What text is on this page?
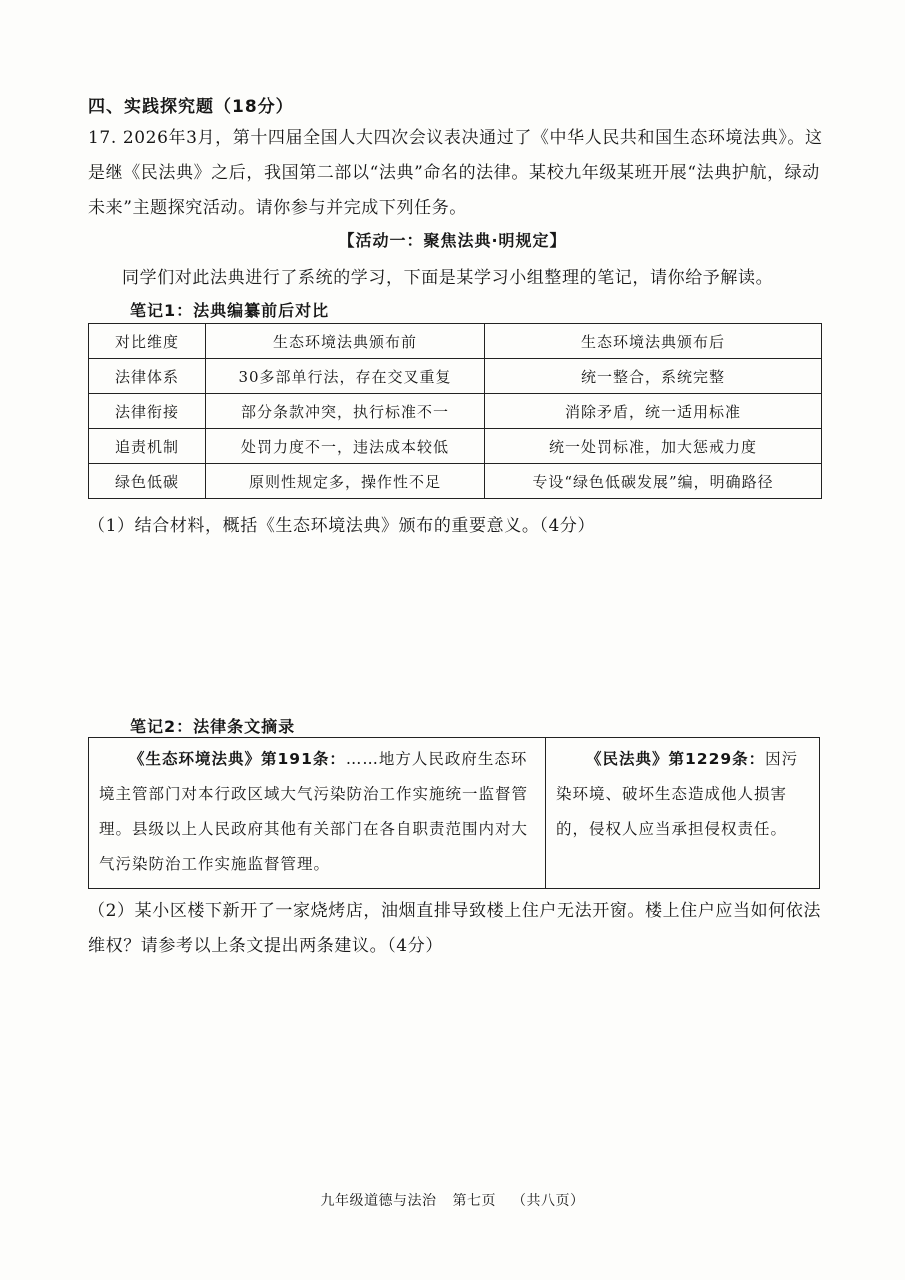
四、实践探究题（18分）

17. 2026年3月，第十四届全国人大四次会议表决通过了《中华人民共和国生态环境法典》。这是继《民法典》之后，我国第二部以“法典”命名的法律。某校九年级某班开展“法典护航，绿动未来”主题探究活动。请你参与并完成下列任务。

【活动一：聚焦法典·明规定】

同学们对此法典进行了系统的学习，下面是某学习小组整理的笔记，请你给予解读。

笔记1：法典编纂前后对比
对比维度	生态环境法典颁布前	生态环境法典颁布后
法律体系	30多部单行法，存在交叉重复	统一整合，系统完整
法律衔接	部分条款冲突，执行标准不一	消除矛盾，统一适用标准
追责机制	处罚力度不一，违法成本较低	统一处罚标准，加大惩戒力度
绿色低碳	原则性规定多，操作性不足	专设“绿色低碳发展”编，明确路径

（1）结合材料，概括《生态环境法典》颁布的重要意义。（4分）

笔记2：法律条文摘录
《生态环境法典》第191条：……地方人民政府生态环境主管部门对本行政区域大气污染防治工作实施统一监督管理。县级以上人民政府其他有关部门在各自职责范围内对大气污染防治工作实施监督管理。	《民法典》第1229条：因污染环境、破坏生态造成他人损害的，侵权人应当承担侵权责任。

（2）某小区楼下新开了一家烧烤店，油烟直排导致楼上住户无法开窗。楼上住户应当如何依法维权？请参考以上条文提出两条建议。（4分）

九年级道德与法治 第七页 （共八页）
